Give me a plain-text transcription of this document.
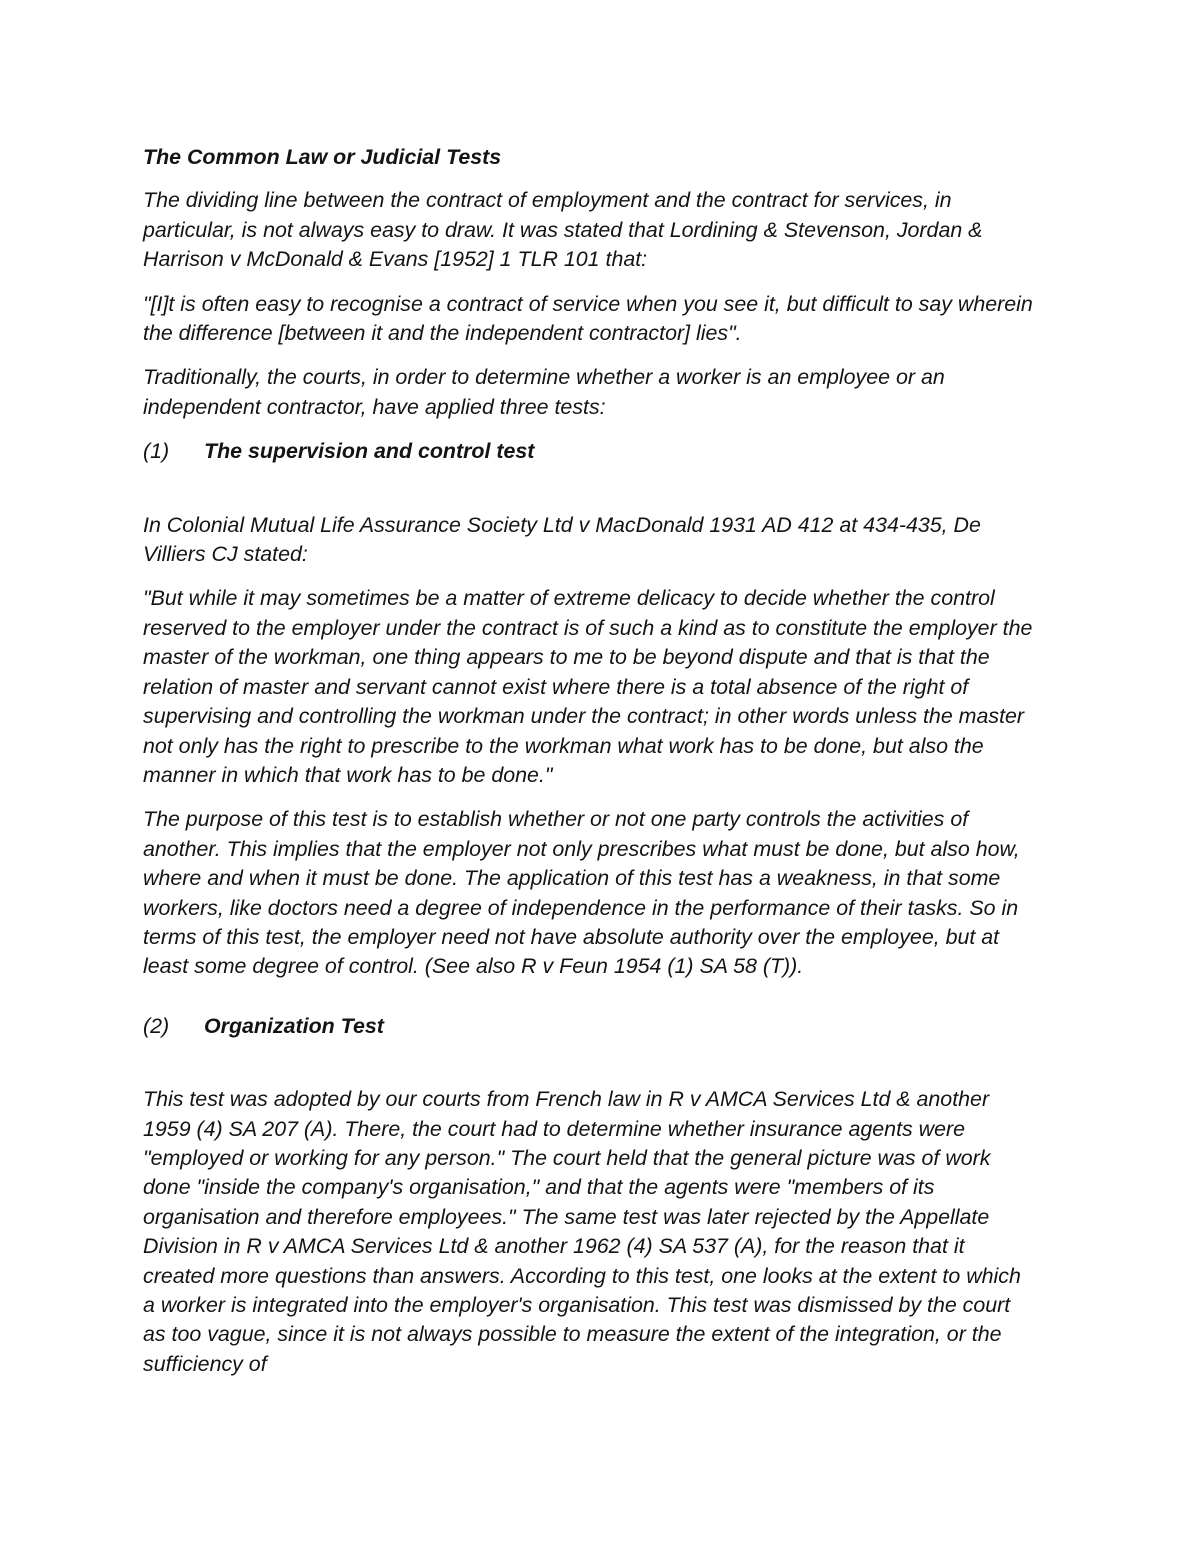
The Common Law or Judicial Tests

The dividing line between the contract of employment and the contract for services, in particular, is not always easy to draw. It was stated that Lordining & Stevenson, Jordan & Harrison v McDonald & Evans [1952] 1 TLR 101 that:

"[I]t is often easy to recognise a contract of service when you see it, but difficult to say wherein the difference [between it and the independent contractor] lies".

Traditionally, the courts, in order to determine whether a worker is an employee or an independent contractor, have applied three tests:

(1)	The supervision and control test

In Colonial Mutual Life Assurance Society Ltd v MacDonald 1931 AD 412 at 434-435, De Villiers CJ stated:

"But while it may sometimes be a matter of extreme delicacy to decide whether the control reserved to the employer under the contract is of such a kind as to constitute the employer the master of the workman, one thing appears to me to be beyond dispute and that is that the relation of master and servant cannot exist where there is a total absence of the right of supervising and controlling the workman under the contract; in other words unless the master not only has the right to prescribe to the workman what work has to be done, but also the manner in which that work has to be done."

The purpose of this test is to establish whether or not one party controls the activities of another. This implies that the employer not only prescribes what must be done, but also how, where and when it must be done. The application of this test has a weakness, in that some workers, like doctors need a degree of independence in the performance of their tasks. So in terms of this test, the employer need not have absolute authority over the employee, but at least some degree of control. (See also R v Feun 1954 (1) SA 58 (T)).

(2)	Organization Test

This test was adopted by our courts from French law in R v AMCA Services Ltd & another 1959 (4) SA 207 (A). There, the court had to determine whether insurance agents were "employed or working for any person." The court held that the general picture was of work done "inside the company's organisation," and that the agents were "members of its organisation and therefore employees." The same test was later rejected by the Appellate Division in R v AMCA Services Ltd & another 1962 (4) SA 537 (A), for the reason that it created more questions than answers. According to this test, one looks at the extent to which a worker is integrated into the employer's organisation. This test was dismissed by the court as too vague, since it is not always possible to measure the extent of the integration, or the sufficiency of
